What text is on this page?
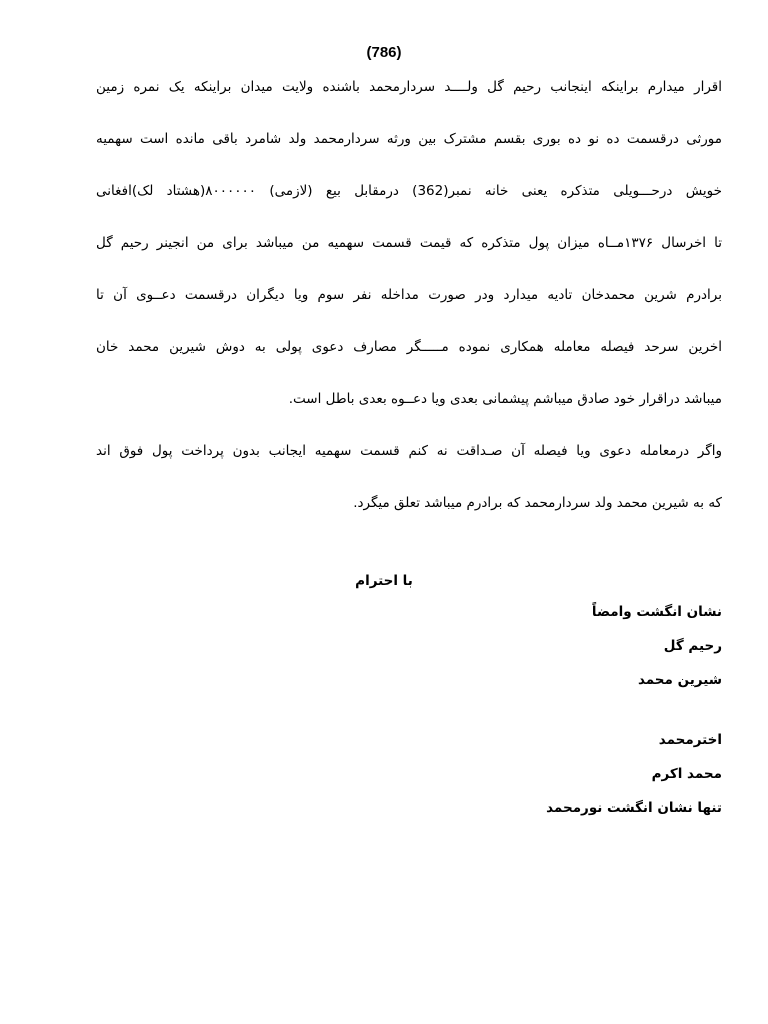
(786)
اقرار میدارم براینکه اینجانب رحیم گل ولــــد سردارمحمد باشنده ولایت میدان براینکه یک نمره زمین
مورثی درقسمت ده نو ده بوری بقسم مشترک بین ورثه سردارمحمد ولد شامرد باقی مانده است سهمیه
خویش درحـــویلی متذکره یعنی خانه نمبر(362) درمقابل بیع (لازمی) ۸۰۰۰۰۰۰(هشتاد لک)افغانی
تا اخرسال ۱۳۷۶مــاه میزان پول متذکره که قیمت قسمت سهمیه من میباشد برای من انجینر رحیم گل
برادرم شرین محمدخان تادیه میدارد ودر صورت مداخله نفر سوم ویا دیگران درقسمت دعــوی آن تا
اخرین سرحد فیصله معامله همکاری نموده مـــــگر مصارف دعوی پولی به دوش شیرین محمد خان
میباشد دراقرار خود صادق میباشم پیشمانی بعدی ویا دعــوه بعدی باطل است.
واگر درمعامله دعوی ویا فیصله آن صـداقت نه کنم قسمت سهمیه ایجانب بدون پرداخت پول فوق اند
که به شیرین محمد ولد سردارمحمد که برادرم میباشد تعلق میگرد.
با احترام
نشان انگشت وامضاً
رحیم گل
شیرین محمد
اخترمحمد
محمد اکرم
تنها نشان انگشت نورمحمد
